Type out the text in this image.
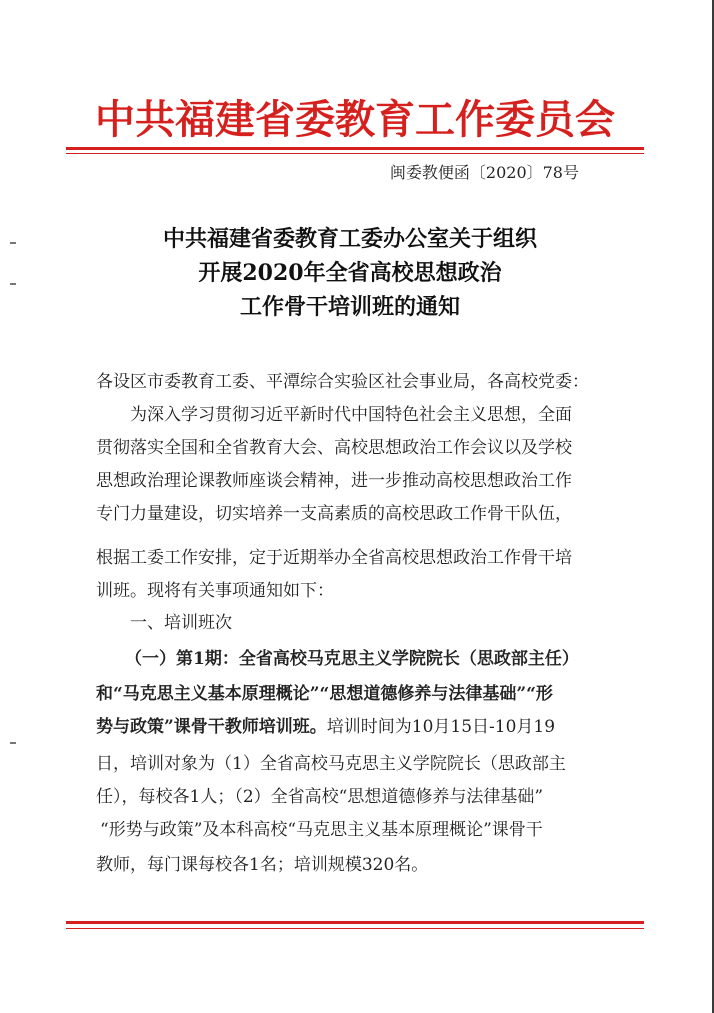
中共福建省委教育工作委员会
闽委教便函〔2020〕78号
中共福建省委教育工委办公室关于组织
开展2020年全省高校思想政治
工作骨干培训班的通知
各设区市委教育工委、平潭综合实验区社会事业局，各高校党委：
为深入学习贯彻习近平新时代中国特色社会主义思想，全面
贯彻落实全国和全省教育大会、高校思想政治工作会议以及学校
思想政治理论课教师座谈会精神，进一步推动高校思想政治工作
专门力量建设，切实培养一支高素质的高校思政工作骨干队伍，
根据工委工作安排，定于近期举办全省高校思想政治工作骨干培
训班。现将有关事项通知如下：
一、培训班次
（一）第1期：全省高校马克思主义学院院长（思政部主任）
和“马克思主义基本原理概论”“思想道德修养与法律基础”“形
势与政策”课骨干教师培训班。培训时间为10月15日-10月19
日，培训对象为（1）全省高校马克思主义学院院长（思政部主
任），每校各1人；（2）全省高校“思想道德修养与法律基础”
“形势与政策”及本科高校“马克思主义基本原理概论”课骨干
教师，每门课每校各1名；培训规模320名。
